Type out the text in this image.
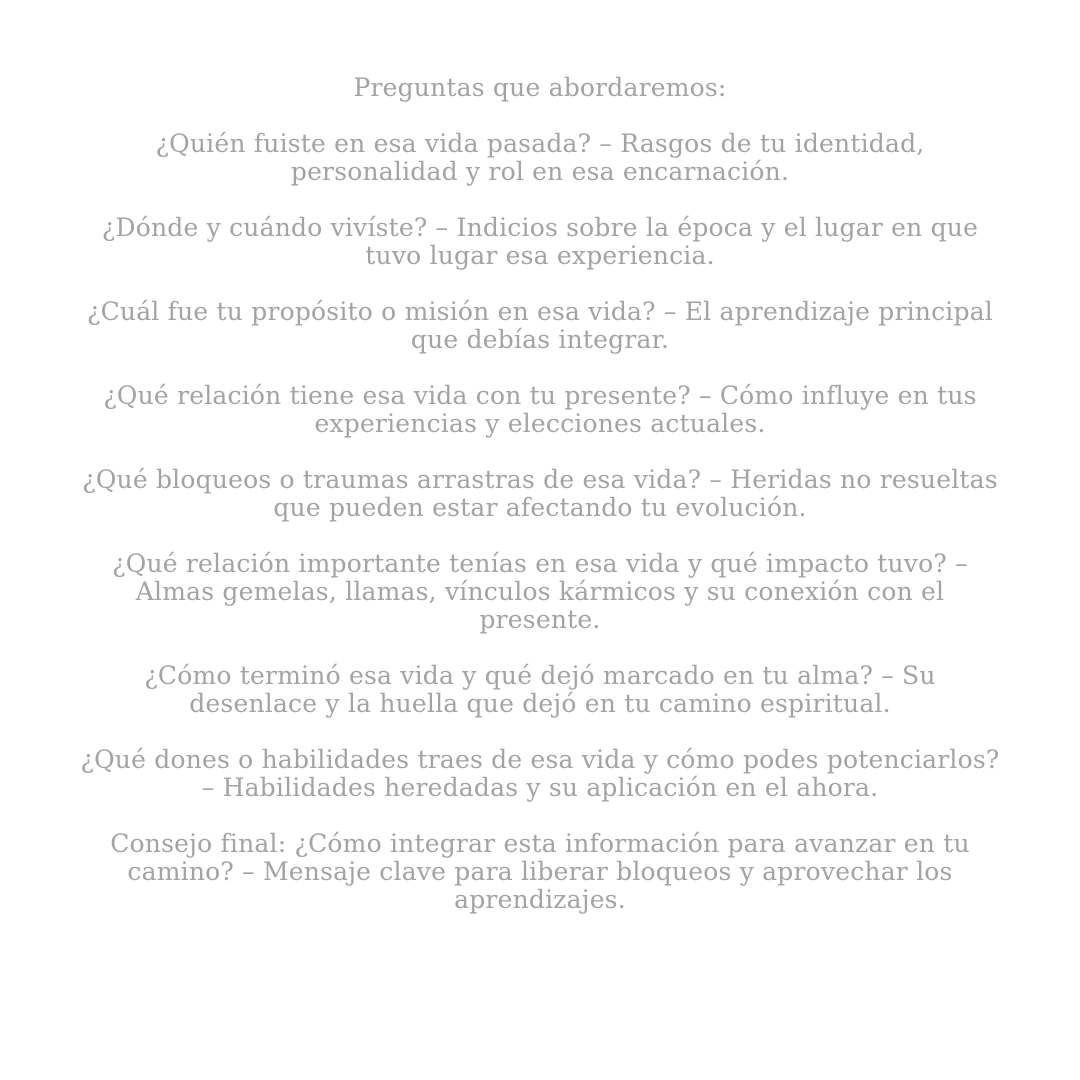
Preguntas que abordaremos:
¿Quién fuiste en esa vida pasada? – Rasgos de tu identidad, personalidad y rol en esa encarnación.
¿Dónde y cuándo vivíste? – Indicios sobre la época y el lugar en que tuvo lugar esa experiencia.
¿Cuál fue tu propósito o misión en esa vida? – El aprendizaje principal que debías integrar.
¿Qué relación tiene esa vida con tu presente? – Cómo influye en tus experiencias y elecciones actuales.
¿Qué bloqueos o traumas arrastras de esa vida? – Heridas no resueltas que pueden estar afectando tu evolución.
¿Qué relación importante tenías en esa vida y qué impacto tuvo? – Almas gemelas, llamas, vínculos kármicos y su conexión con el presente.
¿Cómo terminó esa vida y qué dejó marcado en tu alma? – Su desenlace y la huella que dejó en tu camino espiritual.
¿Qué dones o habilidades traes de esa vida y cómo podes potenciarlos? – Habilidades heredadas y su aplicación en el ahora.
Consejo final: ¿Cómo integrar esta información para avanzar en tu camino? – Mensaje clave para liberar bloqueos y aprovechar los aprendizajes.
